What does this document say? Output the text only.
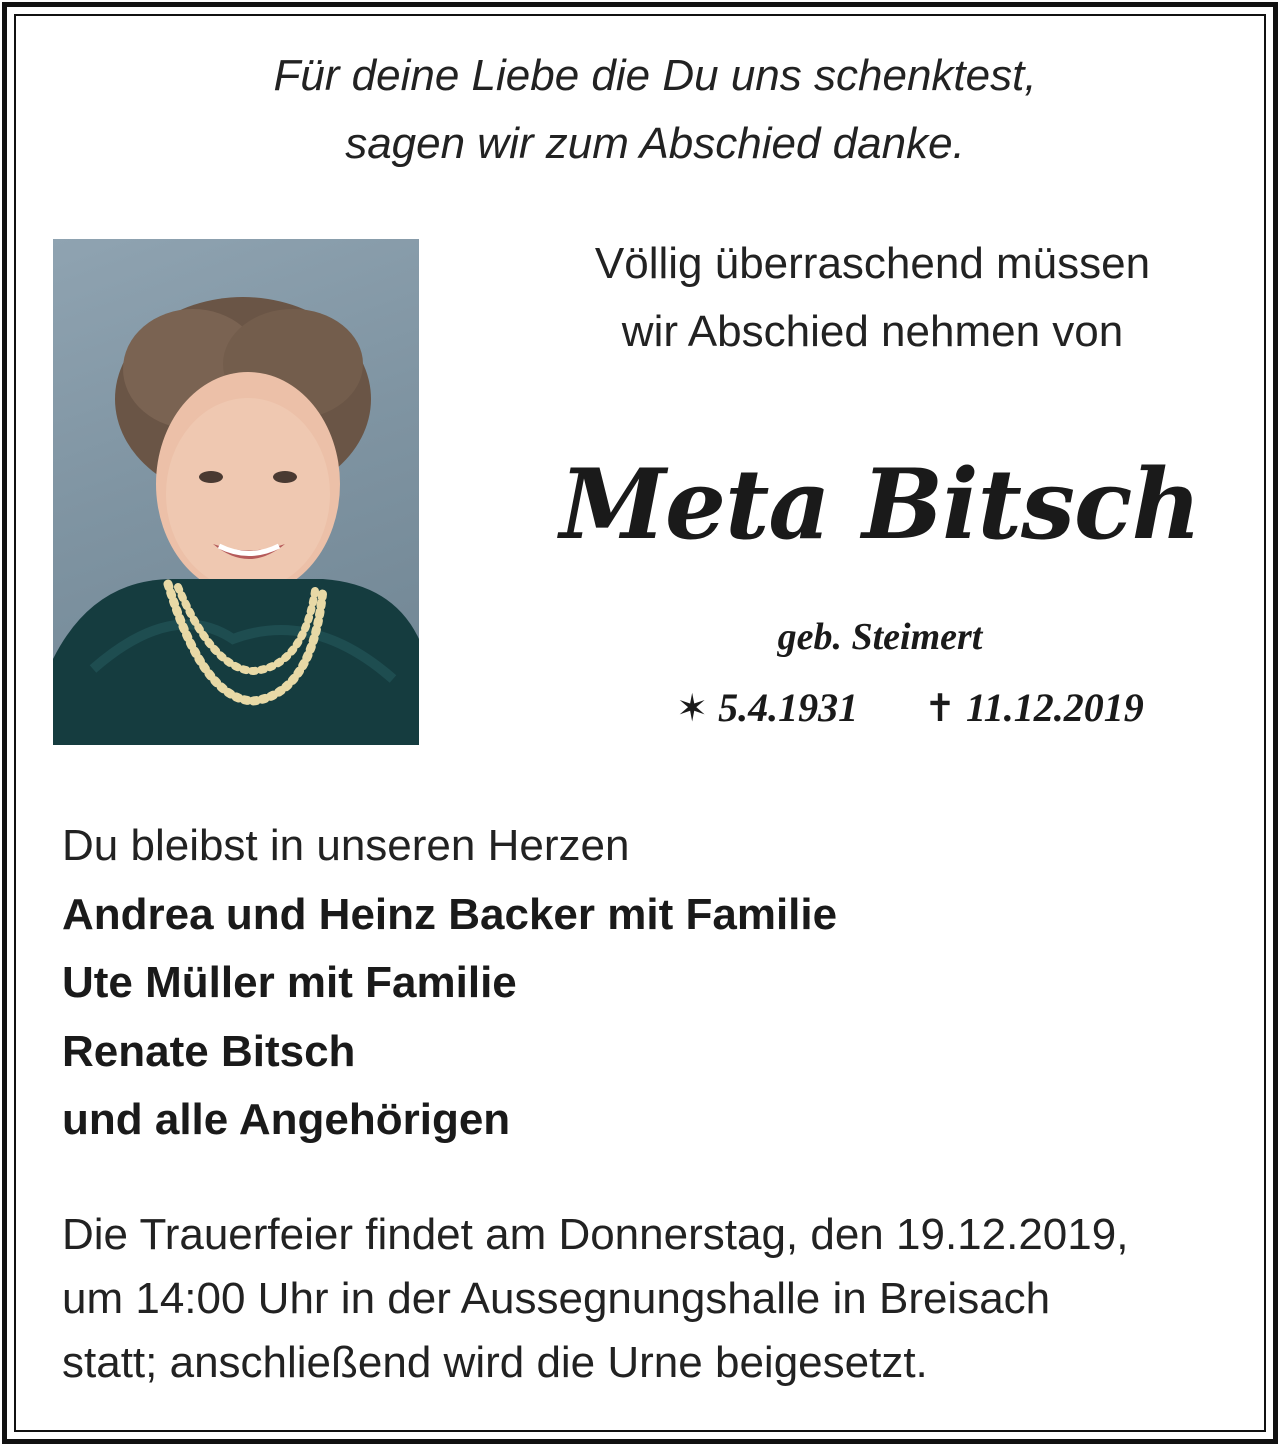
Für deine Liebe die Du uns schenktest,
sagen wir zum Abschied danke.
Völlig überraschend müssen
wir Abschied nehmen von
Meta Bitsch
geb. Steimert
✶ 5.4.1931 ✝ 11.12.2019
Du bleibst in unseren Herzen
Andrea und Heinz Backer mit Familie
Ute Müller mit Familie
Renate Bitsch
und alle Angehörigen
Die Trauerfeier findet am Donnerstag, den 19.12.2019,
um 14:00 Uhr in der Aussegnungshalle in Breisach
statt; anschließend wird die Urne beigesetzt.
